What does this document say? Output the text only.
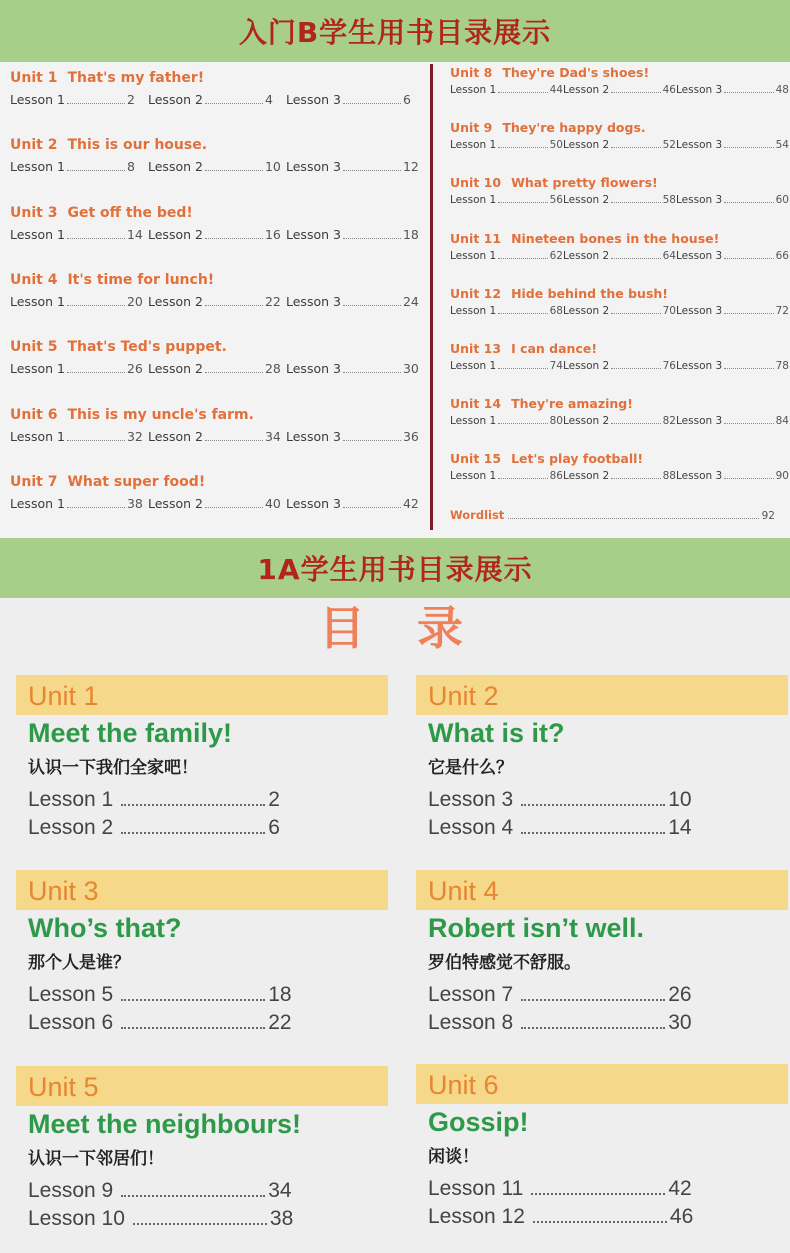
入门B学生用书目录展示
Unit 1 That's my father!
Lesson 1	2 Lesson 2	4 Lesson 3	6
Unit 2 This is our house.
Lesson 1	8 Lesson 2	10 Lesson 3	12
Unit 3 Get off the bed!
Lesson 1	14 Lesson 2	16 Lesson 3	18
Unit 4 It's time for lunch!
Lesson 1	20 Lesson 2	22 Lesson 3	24
Unit 5 That's Ted's puppet.
Lesson 1	26 Lesson 2	28 Lesson 3	30
Unit 6 This is my uncle's farm.
Lesson 1	32 Lesson 2	34 Lesson 3	36
Unit 7 What super food!
Lesson 1	38 Lesson 2	40 Lesson 3	42
Unit 8 They're Dad's shoes!
Lesson 1	44 Lesson 2	46 Lesson 3	48
Unit 9 They're happy dogs.
Lesson 1	50 Lesson 2	52 Lesson 3	54
Unit 10 What pretty flowers!
Lesson 1	56 Lesson 2	58 Lesson 3	60
Unit 11 Nineteen bones in the house!
Lesson 1	62 Lesson 2	64 Lesson 3	66
Unit 12 Hide behind the bush!
Lesson 1	68 Lesson 2	70 Lesson 3	72
Unit 13 I can dance!
Lesson 1	74 Lesson 2	76 Lesson 3	78
Unit 14 They're amazing!
Lesson 1	80 Lesson 2	82 Lesson 3	84
Unit 15 Let's play football!
Lesson 1	86 Lesson 2	88 Lesson 3	90
Wordlist	92
1A学生用书目录展示
目录
Unit 1
Meet the family!
认识一下我们全家吧！
Lesson 1	2
Lesson 2	6
Unit 2
What is it?
它是什么？
Lesson 3	10
Lesson 4	14
Unit 3
Who’s that?
那个人是谁？
Lesson 5	18
Lesson 6	22
Unit 4
Robert isn’t well.
罗伯特感觉不舒服。
Lesson 7	26
Lesson 8	30
Unit 5
Meet the neighbours!
认识一下邻居们！
Lesson 9	34
Lesson 10	38
Unit 6
Gossip!
闲谈！
Lesson 11	42
Lesson 12	46
